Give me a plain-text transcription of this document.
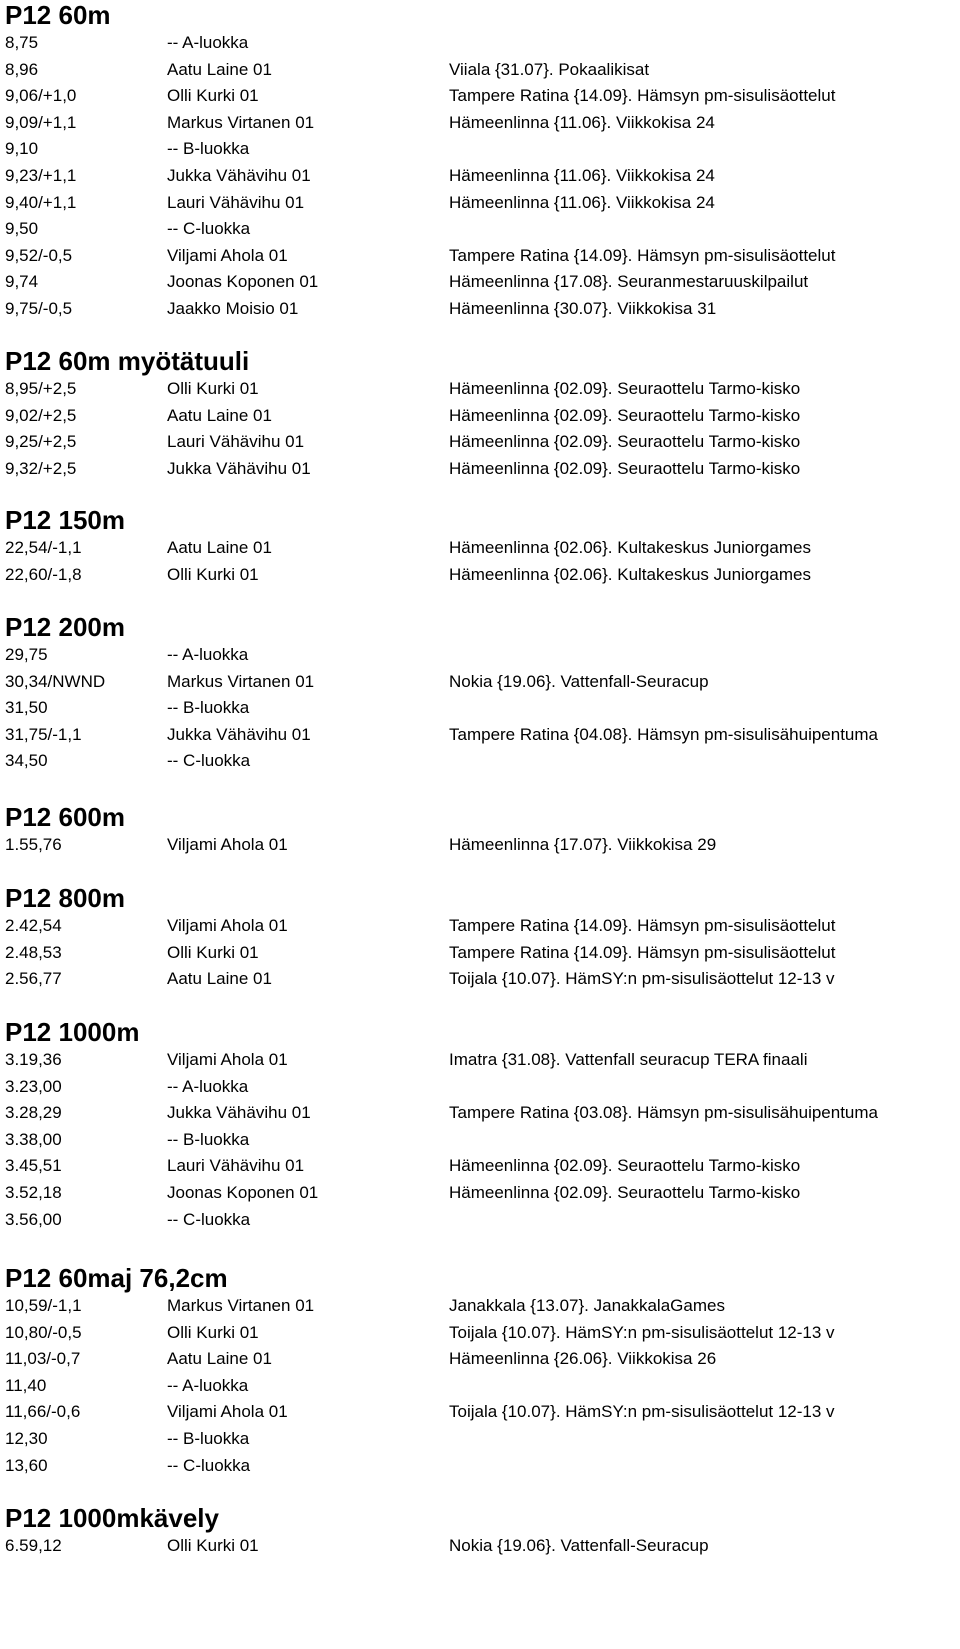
P12 60m
8,75	-- A-luokka
8,96	Aatu Laine 01	Viiala {31.07}. Pokaalikisat
9,06/+1,0	Olli Kurki 01	Tampere Ratina {14.09}. Hämsyn pm-sisulisäottelut
9,09/+1,1	Markus Virtanen 01	Hämeenlinna {11.06}. Viikkokisa 24
9,10	-- B-luokka
9,23/+1,1	Jukka Vähävihu 01	Hämeenlinna {11.06}. Viikkokisa 24
9,40/+1,1	Lauri Vähävihu 01	Hämeenlinna {11.06}. Viikkokisa 24
9,50	-- C-luokka
9,52/-0,5	Viljami Ahola 01	Tampere Ratina {14.09}. Hämsyn pm-sisulisäottelut
9,74	Joonas Koponen 01	Hämeenlinna {17.08}. Seuranmestaruuskilpailut
9,75/-0,5	Jaakko Moisio 01	Hämeenlinna {30.07}. Viikkokisa 31
P12 60m myötätuuli
8,95/+2,5	Olli Kurki 01	Hämeenlinna {02.09}. Seuraottelu Tarmo-kisko
9,02/+2,5	Aatu Laine 01	Hämeenlinna {02.09}. Seuraottelu Tarmo-kisko
9,25/+2,5	Lauri Vähävihu 01	Hämeenlinna {02.09}. Seuraottelu Tarmo-kisko
9,32/+2,5	Jukka Vähävihu 01	Hämeenlinna {02.09}. Seuraottelu Tarmo-kisko
P12 150m
22,54/-1,1	Aatu Laine 01	Hämeenlinna {02.06}. Kultakeskus Juniorgames
22,60/-1,8	Olli Kurki 01	Hämeenlinna {02.06}. Kultakeskus Juniorgames
P12 200m
29,75	-- A-luokka
30,34/NWND	Markus Virtanen 01	Nokia {19.06}. Vattenfall-Seuracup
31,50	-- B-luokka
31,75/-1,1	Jukka Vähävihu 01	Tampere Ratina {04.08}. Hämsyn pm-sisulisähuipentuma
34,50	-- C-luokka
P12 600m
1.55,76	Viljami Ahola 01	Hämeenlinna {17.07}. Viikkokisa 29
P12 800m
2.42,54	Viljami Ahola 01	Tampere Ratina {14.09}. Hämsyn pm-sisulisäottelut
2.48,53	Olli Kurki 01	Tampere Ratina {14.09}. Hämsyn pm-sisulisäottelut
2.56,77	Aatu Laine 01	Toijala {10.07}. HämSY:n pm-sisulisäottelut 12-13 v
P12 1000m
3.19,36	Viljami Ahola 01	Imatra {31.08}. Vattenfall seuracup TERA finaali
3.23,00	-- A-luokka
3.28,29	Jukka Vähävihu 01	Tampere Ratina {03.08}. Hämsyn pm-sisulisähuipentuma
3.38,00	-- B-luokka
3.45,51	Lauri Vähävihu 01	Hämeenlinna {02.09}. Seuraottelu Tarmo-kisko
3.52,18	Joonas Koponen 01	Hämeenlinna {02.09}. Seuraottelu Tarmo-kisko
3.56,00	-- C-luokka
P12 60maj 76,2cm
10,59/-1,1	Markus Virtanen 01	Janakkala {13.07}. JanakkalaGames
10,80/-0,5	Olli Kurki 01	Toijala {10.07}. HämSY:n pm-sisulisäottelut 12-13 v
11,03/-0,7	Aatu Laine 01	Hämeenlinna {26.06}. Viikkokisa 26
11,40	-- A-luokka
11,66/-0,6	Viljami Ahola 01	Toijala {10.07}. HämSY:n pm-sisulisäottelut 12-13 v
12,30	-- B-luokka
13,60	-- C-luokka
P12 1000mkävely
6.59,12	Olli Kurki 01	Nokia {19.06}. Vattenfall-Seuracup
